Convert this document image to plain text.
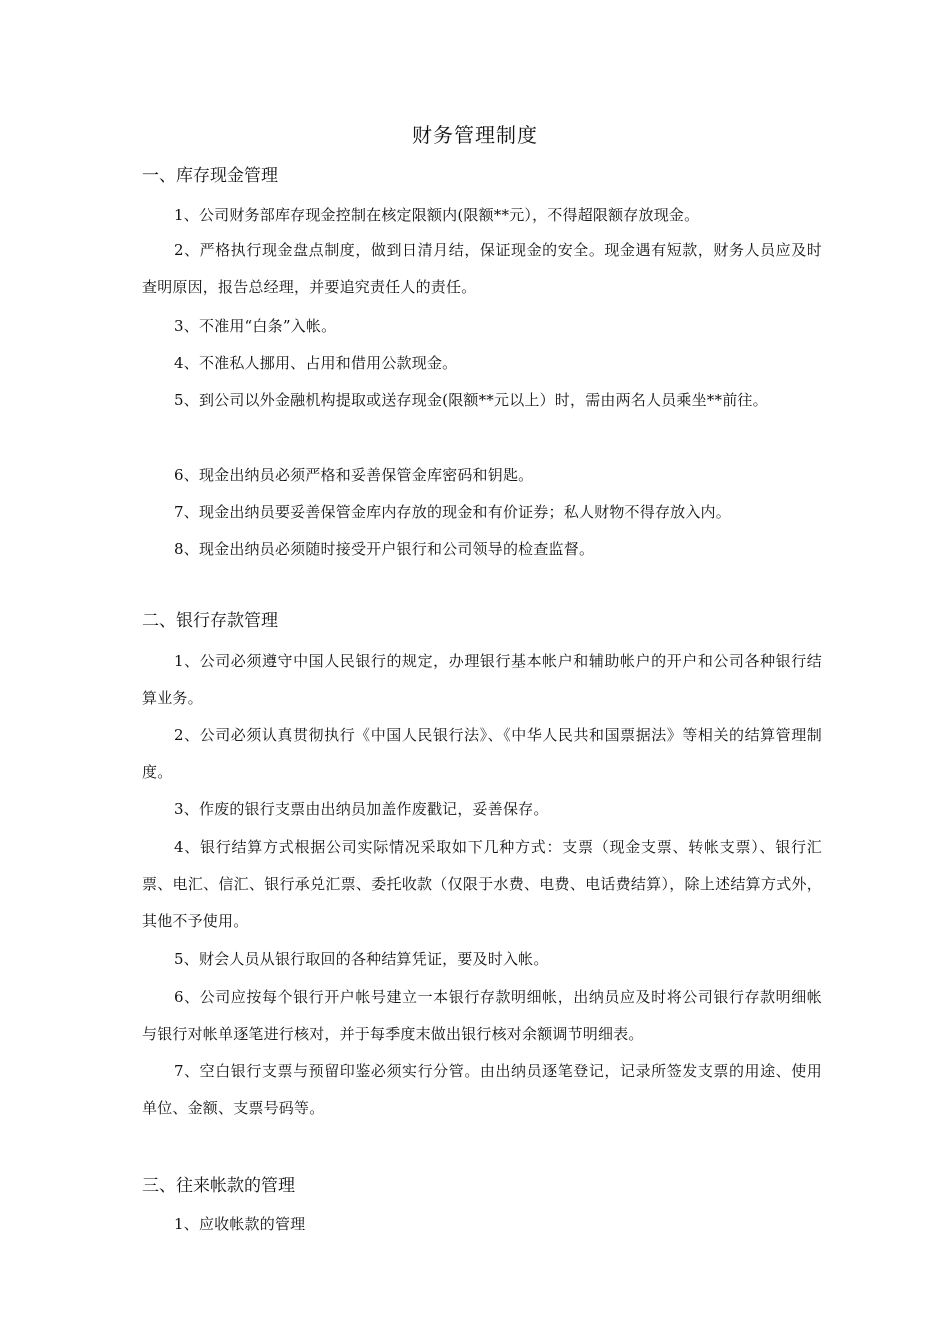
财务管理制度
一、库存现金管理
1、公司财务部库存现金控制在核定限额内(限额**元），不得超限额存放现金。
2、严格执行现金盘点制度，做到日清月结，保证现金的安全。现金遇有短款，财务人员应及时查明原因，报告总经理，并要追究责任人的责任。
3、不准用“白条”入帐。
4、不准私人挪用、占用和借用公款现金。
5、到公司以外金融机构提取或送存现金(限额**元以上）时，需由两名人员乘坐**前往。
6、现金出纳员必须严格和妥善保管金库密码和钥匙。
7、现金出纳员要妥善保管金库内存放的现金和有价证券；私人财物不得存放入内。
8、现金出纳员必须随时接受开户银行和公司领导的检查监督。
二、银行存款管理
1、公司必须遵守中国人民银行的规定，办理银行基本帐户和辅助帐户的开户和公司各种银行结算业务。
2、公司必须认真贯彻执行《中国人民银行法》、《中华人民共和国票据法》等相关的结算管理制度。
3、作废的银行支票由出纳员加盖作废戳记，妥善保存。
4、银行结算方式根据公司实际情况采取如下几种方式：支票（现金支票、转帐支票）、银行汇票、电汇、信汇、银行承兑汇票、委托收款（仅限于水费、电费、电话费结算），除上述结算方式外，其他不予使用。
5、财会人员从银行取回的各种结算凭证，要及时入帐。
6、公司应按每个银行开户帐号建立一本银行存款明细帐，出纳员应及时将公司银行存款明细帐与银行对帐单逐笔进行核对，并于每季度末做出银行核对余额调节明细表。
7、空白银行支票与预留印鉴必须实行分管。由出纳员逐笔登记，记录所签发支票的用途、使用单位、金额、支票号码等。
三、往来帐款的管理
1、应收帐款的管理
